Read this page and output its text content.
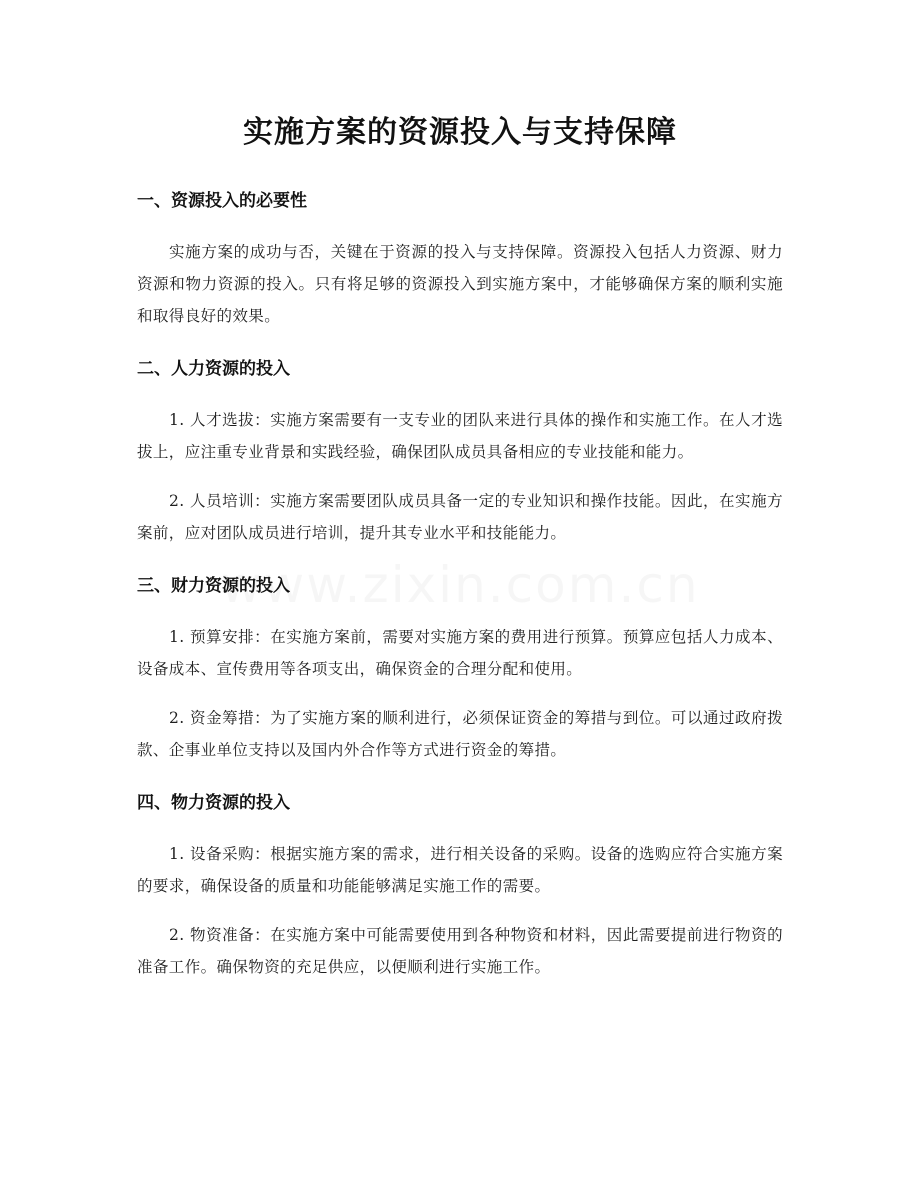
实施方案的资源投入与支持保障
一、资源投入的必要性

实施方案的成功与否，关键在于资源的投入与支持保障。资源投入包括人力资源、财力资源和物力资源的投入。只有将足够的资源投入到实施方案中，才能够确保方案的顺利实施和取得良好的效果。

二、人力资源的投入

1. 人才选拔：实施方案需要有一支专业的团队来进行具体的操作和实施工作。在人才选拔上，应注重专业背景和实践经验，确保团队成员具备相应的专业技能和能力。

2. 人员培训：实施方案需要团队成员具备一定的专业知识和操作技能。因此，在实施方案前，应对团队成员进行培训，提升其专业水平和技能能力。

三、财力资源的投入

1. 预算安排：在实施方案前，需要对实施方案的费用进行预算。预算应包括人力成本、设备成本、宣传费用等各项支出，确保资金的合理分配和使用。

2. 资金筹措：为了实施方案的顺利进行，必须保证资金的筹措与到位。可以通过政府拨款、企事业单位支持以及国内外合作等方式进行资金的筹措。

四、物力资源的投入

1. 设备采购：根据实施方案的需求，进行相关设备的采购。设备的选购应符合实施方案的要求，确保设备的质量和功能能够满足实施工作的需要。

2. 物资准备：在实施方案中可能需要使用到各种物资和材料，因此需要提前进行物资的准备工作。确保物资的充足供应，以便顺利进行实施工作。
